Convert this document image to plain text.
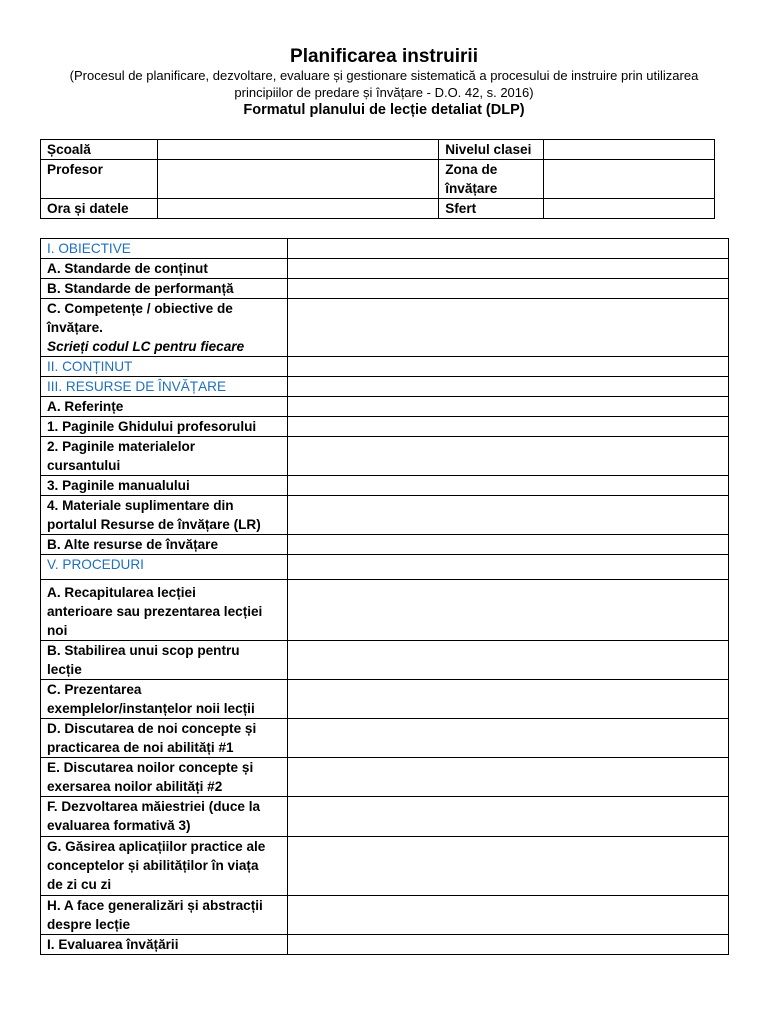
Planificarea instruirii
(Procesul de planificare, dezvoltare, evaluare și gestionare sistematică a procesului de instruire prin utilizarea principiilor de predare și învățare - D.O. 42, s. 2016)
Formatul planului de lecție detaliat (DLP)
Școală		Nivelul clasei	
Profesor		Zona de
învățare	

Ora și datele		Sfert	
I. OBIECTIVE	
A. Standarde de conținut	
B. Standarde de performanță	

C. Competențe / obiective de
învățare.
Scrieți codul LC pentru fiecare	

II. CONȚINUT	
III. RESURSE DE ÎNVĂȚARE	
A. Referințe	
1. Paginile Ghidului profesorului	

2. Paginile materialelor
cursantului	

3. Paginile manualului	

4. Materiale suplimentare din
portalul Resurse de învățare (LR)	

B. Alte resurse de învățare	
V. PROCEDURI	

A. Recapitularea lecției
anterioare sau prezentarea lecției
noi	

B. Stabilirea unui scop pentru
lecție	

C. Prezentarea
exemplelor/instanțelor noii lecții	

D. Discutarea de noi concepte și
practicarea de noi abilități #1	

E. Discutarea noilor concepte și
exersarea noilor abilități #2	

F. Dezvoltarea măiestriei (duce la
evaluarea formativă 3)	

G. Găsirea aplicațiilor practice ale
conceptelor și abilităților în viața
de zi cu zi	

H. A face generalizări și abstracții
despre lecție	

I. Evaluarea învățării	
